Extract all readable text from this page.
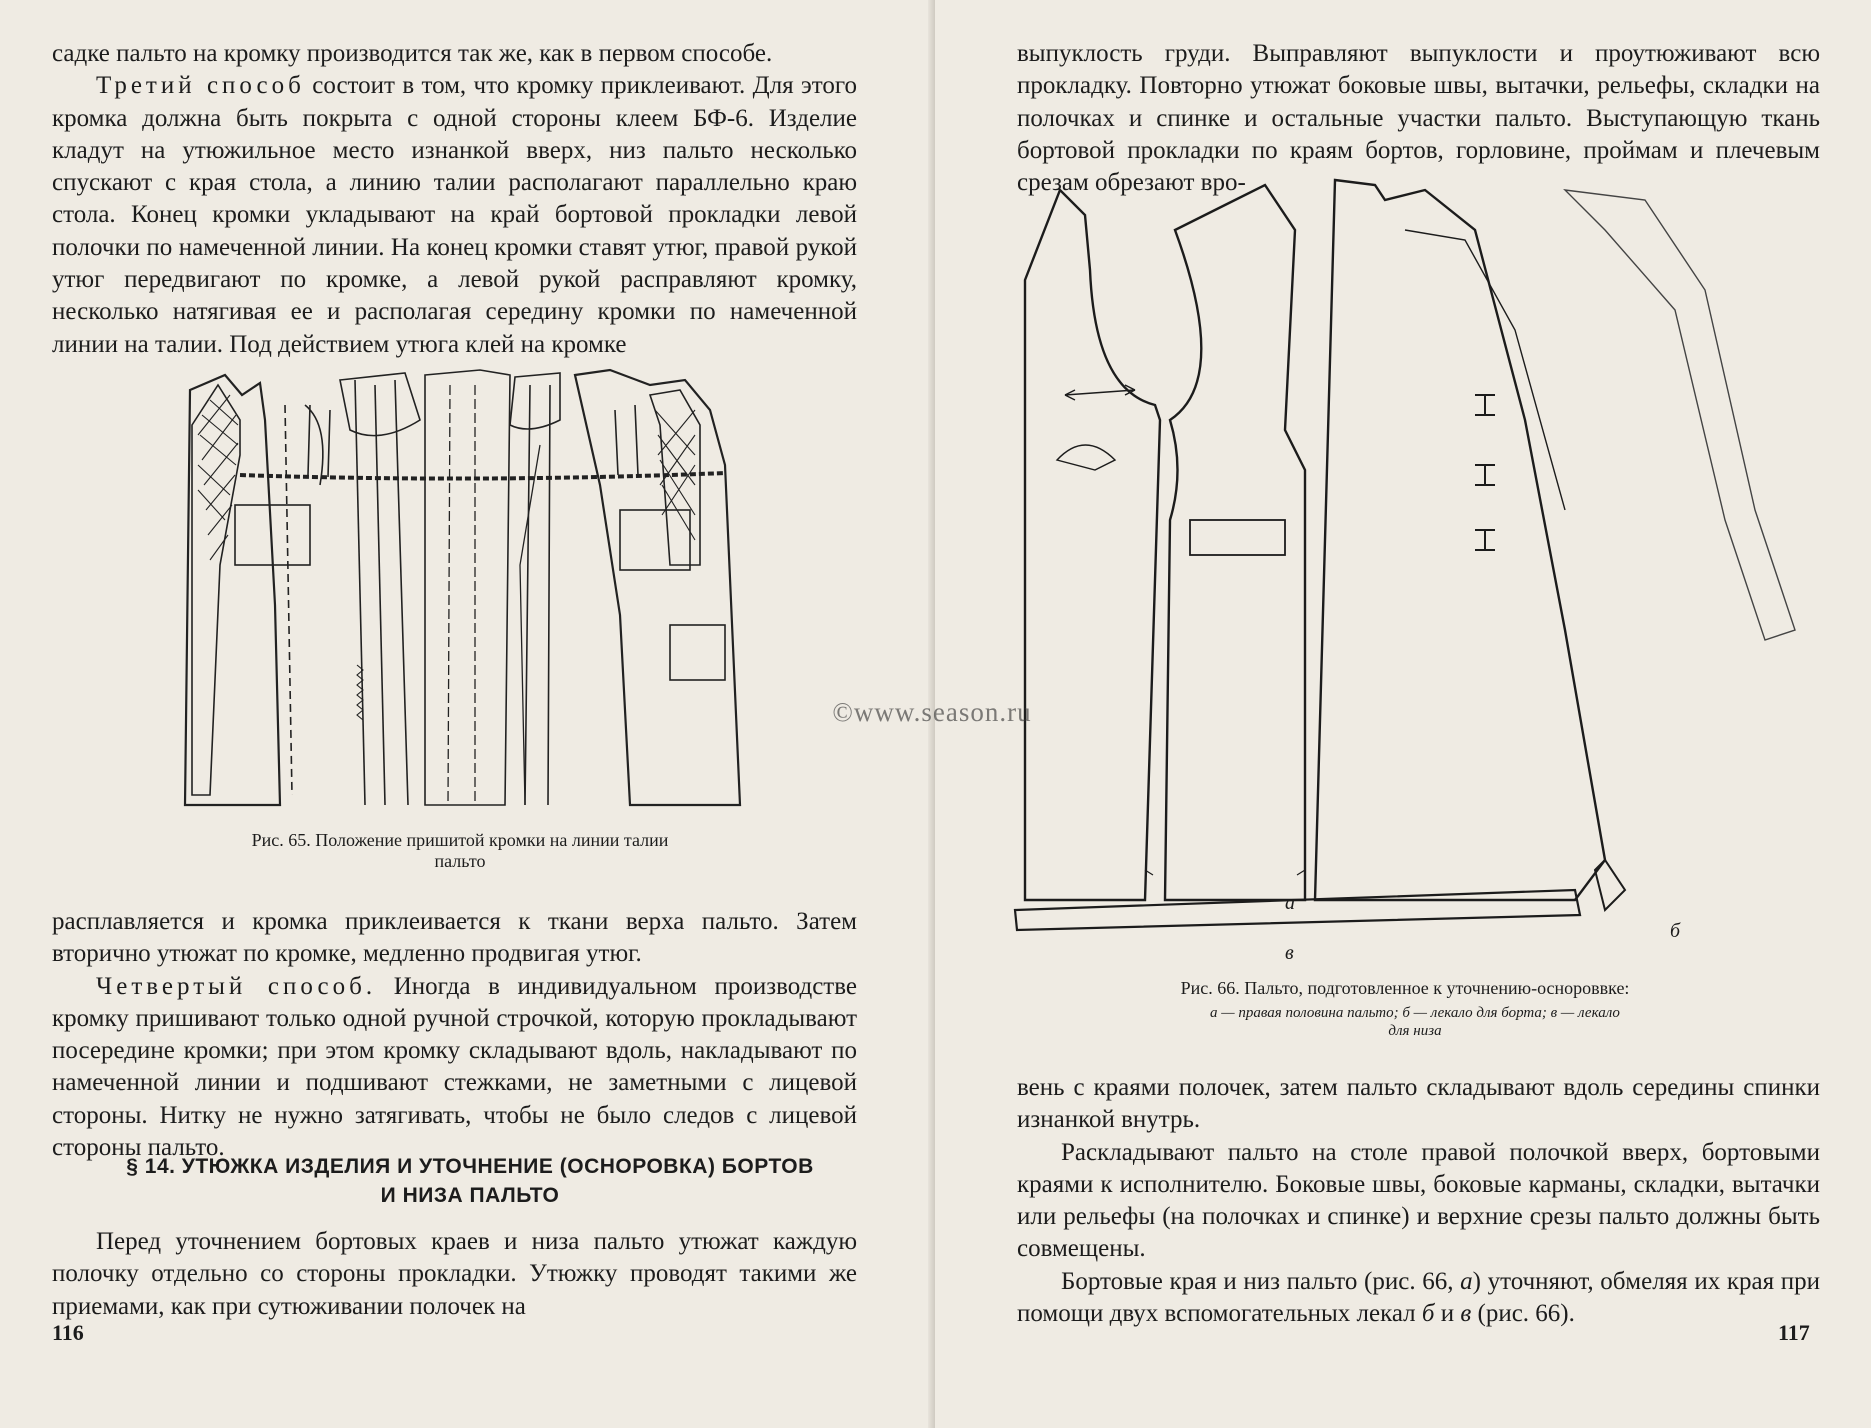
садке пальто на кромку производится так же, как в первом способе.

Третий способ состоит в том, что кромку приклеивают. Для этого кромка должна быть покрыта с одной стороны клеем БФ-6. Изделие кладут на утюжильное место изнанкой вверх, низ пальто несколько спускают с края стола, а линию талии располагают параллельно краю стола. Конец кромки укладывают на край бортовой прокладки левой полочки по намеченной линии. На конец кромки ставят утюг, правой рукой утюг передвигают по кромке, а левой рукой расправляют кромку, несколько натягивая ее и располагая середину кромки по намеченной линии на талии. Под действием утюга клей на кромке

Рис. 65. Положение пришитой кромки на линии талии
пальто

расплавляется и кромка приклеивается к ткани верха пальто. Затем вторично утюжат по кромке, медленно продвигая утюг.

Четвертый способ. Иногда в индивидуальном производстве кромку пришивают только одной ручной строчкой, которую прокладывают посередине кромки; при этом кромку складывают вдоль, накладывают по намеченной линии и подшивают стежками, не заметными с лицевой стороны. Нитку не нужно затягивать, чтобы не было следов с лицевой стороны пальто.

§ 14. УТЮЖКА ИЗДЕЛИЯ И УТОЧНЕНИЕ (ОСНОРОВКА) БОРТОВ
И НИЗА ПАЛЬТО

Перед уточнением бортовых краев и низа пальто утюжат каждую полочку отдельно со стороны прокладки. Утюжку проводят такими же приемами, как при сутюживании полочек на

116

выпуклость груди. Выправляют выпуклости и проутюживают всю прокладку. Повторно утюжат боковые швы, вытачки, рельефы, складки на полочках и спинке и остальные участки пальто. Выступающую ткань бортовой прокладки по краям бортов, горловине, проймам и плечевым срезам обрезают вро-

а
б
в

Рис. 66. Пальто, подготовленное к уточнению-оснороввке:

а — правая половина пальто; б — лекало для борта; в — лекало
для низа

вень с краями полочек, затем пальто складывают вдоль середины спинки изнанкой внутрь.

Раскладывают пальто на столе правой полочкой вверх, бортовыми краями к исполнителю. Боковые швы, боковые карманы, складки, вытачки или рельефы (на полочках и спинке) и верхние срезы пальто должны быть совмещены.

Бортовые края и низ пальто (рис. 66, а) уточняют, обмеляя их края при помощи двух вспомогательных лекал б и в (рис. 66).

117
©www.season.ru
